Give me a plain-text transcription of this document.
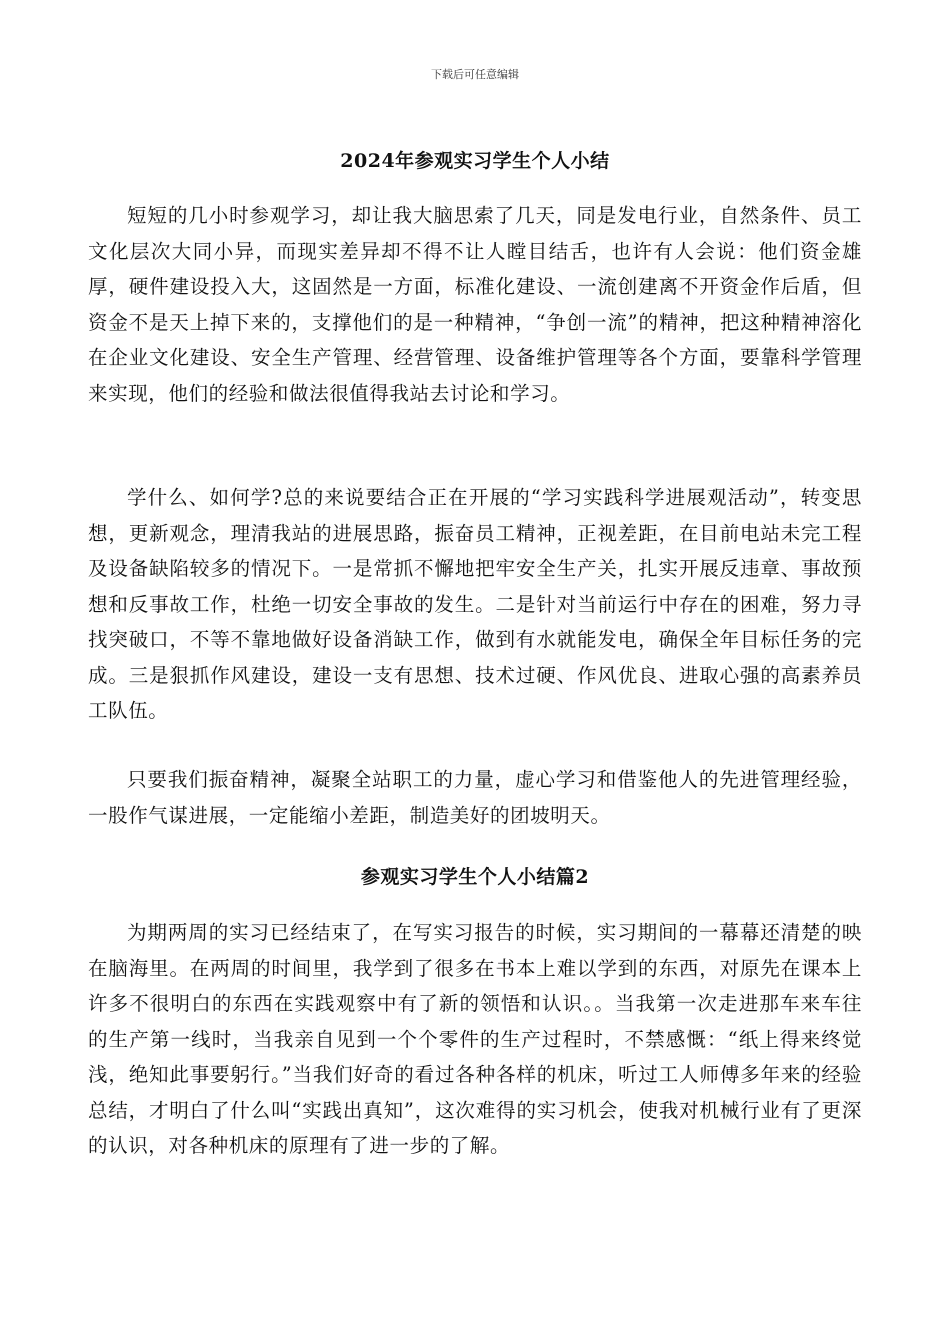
下载后可任意编辑
2024年参观实习学生个人小结

短短的几小时参观学习，却让我大脑思索了几天，同是发电行业，自然条件、员工文化层次大同小异，而现实差异却不得不让人瞠目结舌，也许有人会说：他们资金雄厚，硬件建设投入大，这固然是一方面，标准化建设、一流创建离不开资金作后盾，但资金不是天上掉下来的，支撑他们的是一种精神，“争创一流”的精神，把这种精神溶化在企业文化建设、安全生产管理、经营管理、设备维护管理等各个方面，要靠科学管理来实现，他们的经验和做法很值得我站去讨论和学习。

学什么、如何学?总的来说要结合正在开展的“学习实践科学进展观活动”，转变思想，更新观念，理清我站的进展思路，振奋员工精神，正视差距，在目前电站未完工程及设备缺陷较多的情况下。一是常抓不懈地把牢安全生产关，扎实开展反违章、事故预想和反事故工作，杜绝一切安全事故的发生。二是针对当前运行中存在的困难，努力寻找突破口，不等不靠地做好设备消缺工作，做到有水就能发电，确保全年目标任务的完成。三是狠抓作风建设，建设一支有思想、技术过硬、作风优良、进取心强的高素养员工队伍。

只要我们振奋精神，凝聚全站职工的力量，虚心学习和借鉴他人的先进管理经验，一股作气谋进展，一定能缩小差距，制造美好的团坡明天。

参观实习学生个人小结篇2

为期两周的实习已经结束了，在写实习报告的时候，实习期间的一幕幕还清楚的映在脑海里。在两周的时间里，我学到了很多在书本上难以学到的东西，对原先在课本上许多不很明白的东西在实践观察中有了新的领悟和认识。。当我第一次走进那车来车往的生产第一线时，当我亲自见到一个个零件的生产过程时，不禁感慨：“纸上得来终觉浅，绝知此事要躬行。”当我们好奇的看过各种各样的机床，听过工人师傅多年来的经验总结，才明白了什么叫“实践出真知”，这次难得的实习机会，使我对机械行业有了更深的认识，对各种机床的原理有了进一步的了解。
